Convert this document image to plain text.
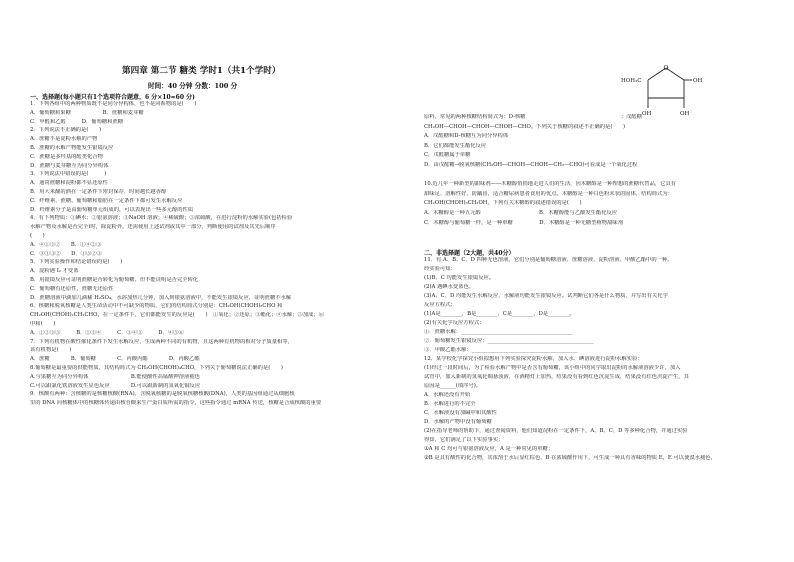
第四章 第二节 糖类 学时1（共1个学时）
时间：40 分钟 分数：100 分
一、选择题(每小题只有1个选项符合题意，6 分×10=60 分)
1．下列各组中的两种物质既不是同分异构体，也不是同系物的是(　　)
A．葡萄糖和果糖　　　　　　B．蔗糖和麦芽糖
C．甲醛和乙醛　　　D．葡萄糖和蔗糖
2．下列说法不正确的是(　　)
A．蔗糖不是淀粉水解的产物
B．蔗糖的水解产物能发生银镜反应
C．蔗糖是多羟基的醛类化合物
D．蔗糖与麦芽糖互为同分异构体
3．下列说法中错误的是(　　　)
A．通常蔗糖和淀粉都不显还原性
B．用大米酿的酒在一定条件下密封保存，时间越长越香醇
C．纤维素、蔗糖、葡萄糖和脂肪在一定条件下都可发生水解反应
D．纤维素分子是由葡萄糖单元组成的，可以表现出一些多元醇的性质
4．有下列物质：①碘水；②银氨溶液；③NaOH 溶液；④稀硫酸；⑤浓硫酸，在进行淀粉的水解实验(包括检验
水解产物及水解是否完全)时，除淀粉外，还需使用上述试剂或其中一部分，判断使用的试剂及其先后顺序
(　　)
A．④①③②　　B．①④②③
C．⑤①③②　　D．①⑤②③
5．下列实验操作和结论错误的是(　　)
A．淀粉遇 I₂ 才变蓝
B．用银镜反应可证明蔗糖是否转化为葡萄糖，但不能证明是否完全转化
C．葡萄糖有还原性，蔗糖无还原性
D．蔗糖溶液中滴加几滴稀 H₂SO₄，水浴加热几分钟，加入到银氨溶液中，不能发生银镜反应，证明蔗糖不水解
6．核糖和脱氧核糖是人类生命活动中不可缺少的物质，它们的结构简式分别是：CH₂OH(CHOH)₃CHO 和
CH₂OH(CHOH)₂CH₂CHO，在一定条件下，它们都能发生的反应是(　　)　①氧化；②还原；③酯化；④水解；⑤加成；⑥
中和(　　)
A．①②③⑤　　　B．①③④　　　C．③④⑤　　　D．④⑤⑥
7．下列有机物在酸性催化条件下发生水解反应，生成两种不同的有机物，且这两种有机物的相对分子质量相等，
该有机物是(　　)
A．蔗糖　　　　B．葡萄糖　　　　C．丙酸丙酯　　　　D．丙酸乙酯
8.葡萄糖是最重要的供能物质，其结构简式为 CH₂OH(CHOH)₄CHO，下列关于葡萄糖说法正确的是(　　)
A.与果糖互为同分异构体　　　　　　　　B.能使酸性高锰酸钾溶液褪色
C.可以跟氯化铁溶液发生显色反应　　　　D.可以跟新制的氢氧化铜反应
9．核酸有两种：含核糖的是核糖核酸(RNA)，含脱氧核糖的是脱氧核糖核酸(DNA)，人类的基因组通过从细胞核
里的 DNA 向核糖体中的核糖体传递由核苷酸来生产蛋白质所需的指令，这些指令通过 mRNA 传送，核糖是合成核酸的重要
O
HOH₂C	OH
OH	OH
原料，常见的两种核糖结构简式为：D-核糖　　　　　　　　　　　　　　　　　　；戊醛糖
CH₂OH—CHOH—CHOH—CHOH—CHO。下列关于核糖的叙述不正确的是(　　)
A．戊醛糖和D-核糖互为同分异构体
B．它们都能发生酯化反应
C．戊醛糖属于单糖
D．由戊醛糖→脱氧核糖(CH₂OH—CHOH—CHOH—CH₂—CHO)可看成是一个氧化过程
10.近几年一种新型的甜味剂——木糖醇悄悄地走进人们的生活，因木糖醇是一种理想的蔗糖代替品，它具有
甜味足、溶解性好、防龋齿，适合糖尿病患者食用的优点。木糖醇是一种白色粉末状的固体，结构简式为：
CH₂OH(CHOH)₃CH₂OH，下列有关木糖醇的叙述错误的是(　　)
A．木糖醇是一种五元醇　　　　　　　　　　　B．木糖醇能与乙酸发生酯化反应
C．木糖醇与葡萄糖一样，是一种单糖　　　　　D．木糖醇是一种无糖型植物甜味剂
二、非选择题（2大题，共40分）
11．有 A、B、C、D 四种无色溶液，它们分别是葡萄糖溶液、蔗糖溶液、淀粉溶液、甲酸乙酯中的一种。
经实验可知：
(1)B、C 均能发生银镜反应。
(2)A 遇碘水变蓝色。
(3)A、C、D 均能发生水解反应，水解液均能发生银镜反应。试判断它们各是什么物质，并写出有关化学
反应方程式：
(1)A是________，B是________，C是________，D是________。
(2)有关化学反应方程式：
①．蔗糖水解：__________________________________________
②．葡萄糖发生银镜反应：________________________________________
③．甲酸乙酯水解：________________________________________
12．某学校化学探究小组拟想用下列实验探究淀粉水解，加入水、碘溶液进行淀粉水解实验：
(1)经过一段时间后，为了检验水解产物中是否含有葡萄糖，该小组中的同学取出淀粉的水解液溶液少许，加入
试管中，加入新制的氢氧化铜悬浊液，在酒精灯上加热，结果没有看到红色沉淀生成，结果没有红色沉淀产生，其
原因是______(填序号)。
A．水解还没有开始
B．水解进行的不完全
C．水解液没有加碱中和其酸性
D．水解的产物中没有葡萄糖
(2)在指导老师的帮助下，通过查阅资料，他们知道淀粉在一定条件下，A、B、C、D 等多种化合物，并通过实验
得知，它们满足了以下实验事实：
①A 和 C 均可与银氨溶液反应，A 是一种常见的单糖；
②B 是具有酸性的化合物，其浓溶于水后显红棕色，B 在浓硫酸作用下，可生成一种具有香味的物质 E，E 可以使溴水褪色，
